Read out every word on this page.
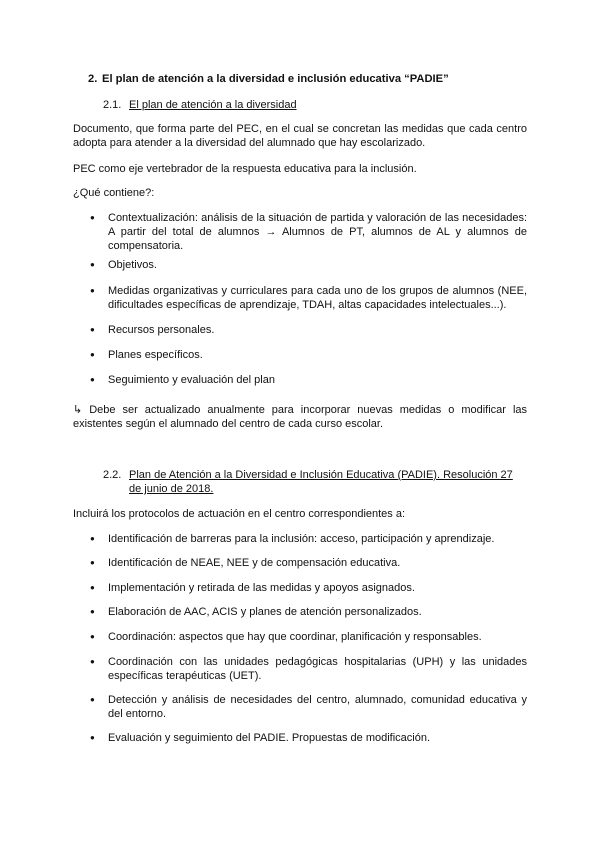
2. El plan de atención a la diversidad e inclusión educativa “PADIE”
2.1. El plan de atención a la diversidad
Documento, que forma parte del PEC, en el cual se concretan las medidas que cada centro adopta para atender a la diversidad del alumnado que hay escolarizado.
PEC como eje vertebrador de la respuesta educativa para la inclusión.
¿Qué contiene?:
● Contextualización: análisis de la situación de partida y valoración de las necesidades: A partir del total de alumnos → Alumnos de PT, alumnos de AL y alumnos de compensatoria.
● Objetivos.
● Medidas organizativas y curriculares para cada uno de los grupos de alumnos (NEE, dificultades específicas de aprendizaje, TDAH, altas capacidades intelectuales...).
● Recursos personales.
● Planes específicos.
● Seguimiento y evaluación del plan
↳ Debe ser actualizado anualmente para incorporar nuevas medidas o modificar las existentes según el alumnado del centro de cada curso escolar.
2.2. Plan de Atención a la Diversidad e Inclusión Educativa (PADIE). Resolución 27 de junio de 2018.
Incluirá los protocolos de actuación en el centro correspondientes a:
● Identificación de barreras para la inclusión: acceso, participación y aprendizaje.
● Identificación de NEAE, NEE y de compensación educativa.
● Implementación y retirada de las medidas y apoyos asignados.
● Elaboración de AAC, ACIS y planes de atención personalizados.
● Coordinación: aspectos que hay que coordinar, planificación y responsables.
● Coordinación con las unidades pedagógicas hospitalarias (UPH) y las unidades específicas terapéuticas (UET).
● Detección y análisis de necesidades del centro, alumnado, comunidad educativa y del entorno.
● Evaluación y seguimiento del PADIE. Propuestas de modificación.
